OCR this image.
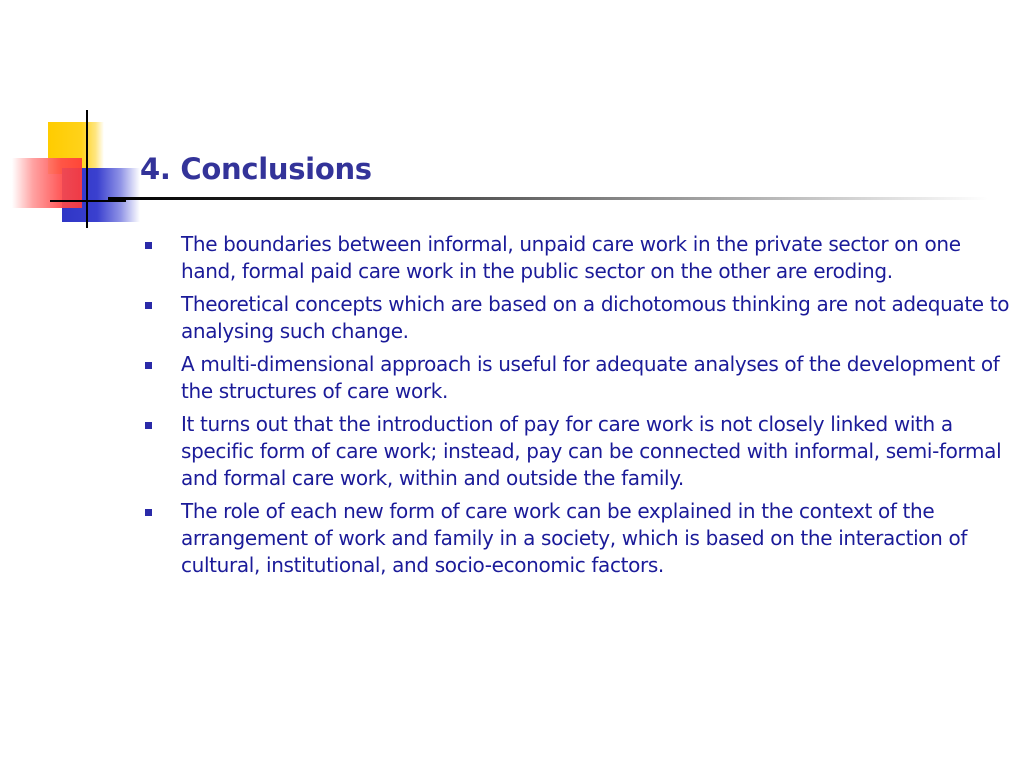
4. Conclusions
The boundaries between informal, unpaid care work in the private sector on one hand, formal paid care work in the public sector on the other are eroding.
Theoretical concepts which are based on a dichotomous thinking are not adequate to analysing such change.
A multi-dimensional approach is useful for adequate analyses of the development of the structures of care work.
It turns out that the introduction of pay for care work is not closely linked with a specific form of care work; instead, pay can be connected with informal, semi-formal and formal care work, within and outside the family.
The role of each new form of care work can be explained in the context of the arrangement of work and family in a society, which is based on the interaction of cultural, institutional, and socio-economic factors.
